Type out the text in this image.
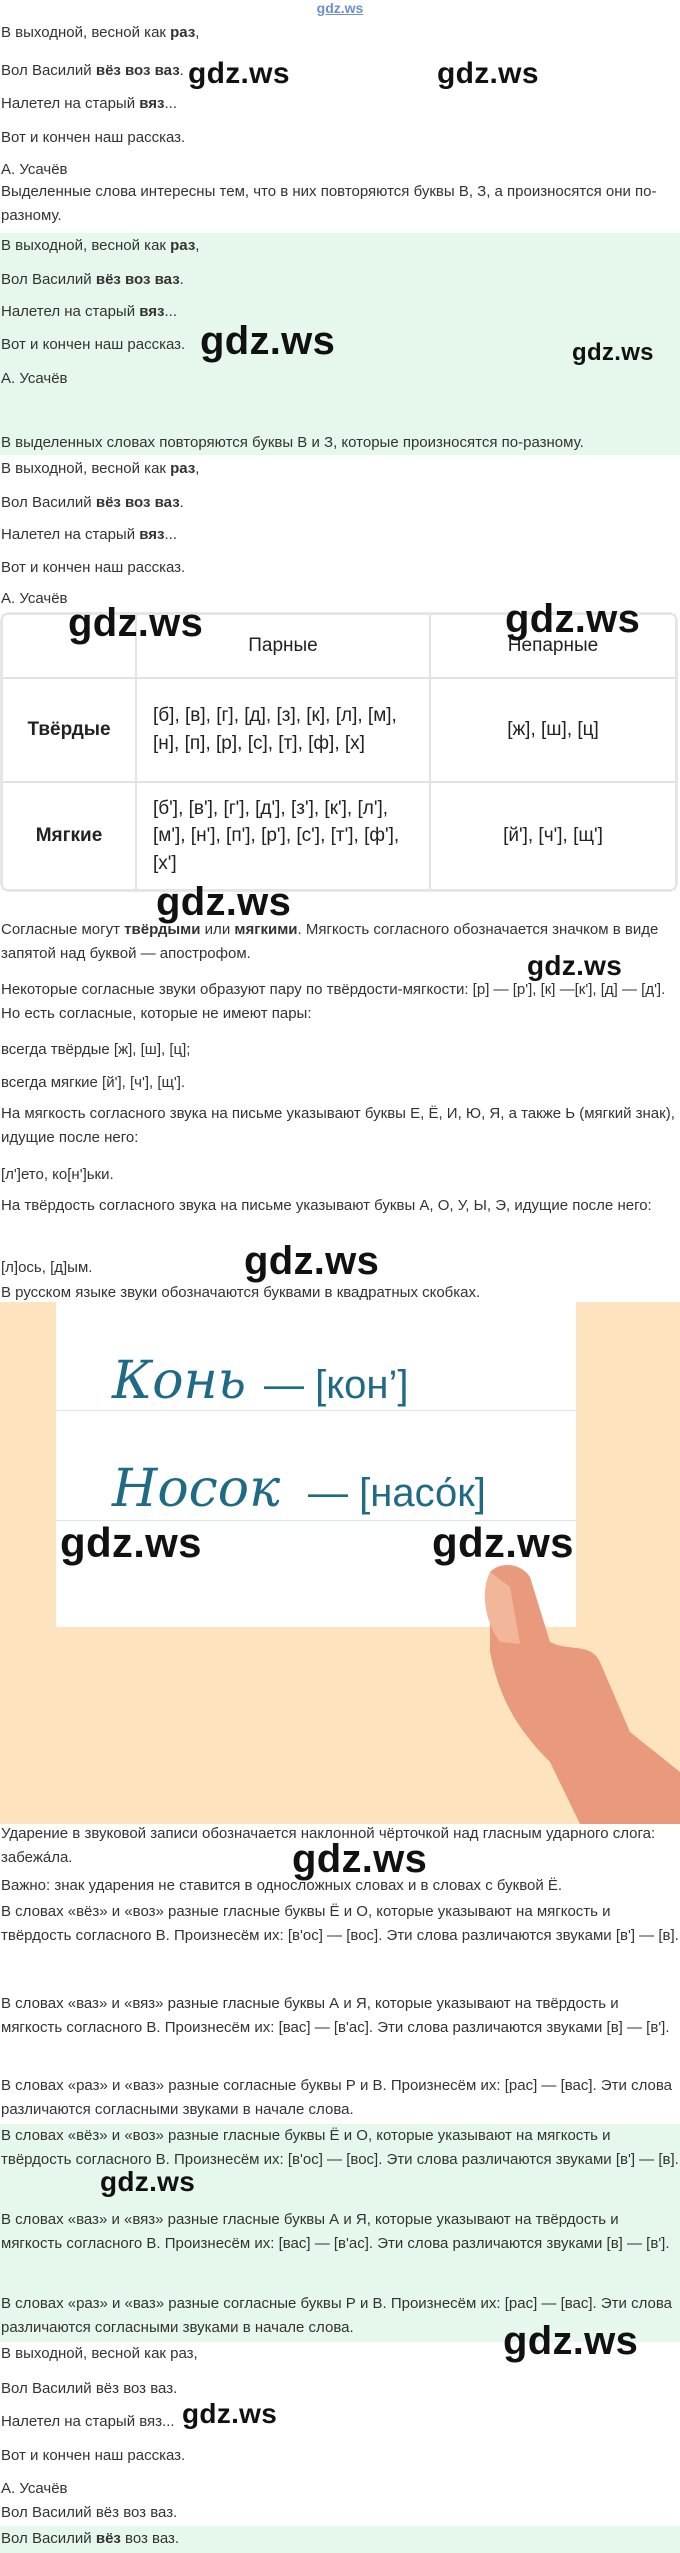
gdz.ws
В выходной, весной как раз,
Вол Василий вёз воз ваз.
Налетел на старый вяз...
Вот и кончен наш рассказ.
А. Усачёв
Выделенные слова интересны тем, что в них повторяются буквы В, З, а произносятся они по-разному.
В выходной, весной как раз,
Вол Василий вёз воз ваз.
Налетел на старый вяз...
Вот и кончен наш рассказ.
А. Усачёв
В выделенных словах повторяются буквы В и З, которые произносятся по-разному.
В выходной, весной как раз,
Вол Василий вёз воз ваз.
Налетел на старый вяз...
Вот и кончен наш рассказ.
А. Усачёв
	Парные	Непарные
Твёрдые	[б], [в], [г], [д], [з], [к], [л], [м], [н], [п], [р], [с], [т], [ф], [х]	[ж], [ш], [ц]
Мягкие	[б'], [в'], [г'], [д'], [з'], [к'], [л'], [м'], [н'], [п'], [р'], [с'], [т'], [ф'], [х']	[й'], [ч'], [щ']
Согласные могут твёрдыми или мягкими. Мягкость согласного обозначается значком в виде запятой над буквой — апострофом.
Некоторые согласные звуки образуют пару по твёрдости-мягкости: [р] — [р'], [к] —[к'], [д] — [д']. Но есть согласные, которые не имеют пары:
всегда твёрдые [ж], [ш], [ц];
всегда мягкие [й'], [ч'], [щ'].
На мягкость согласного звука на письме указывают буквы Е, Ё, И, Ю, Я, а также Ь (мягкий знак), идущие после него:
[л']ето, ко[н']ьки.
На твёрдость согласного звука на письме указывают буквы А, О, У, Ы, Э, идущие после него:
[л]ось, [д]ым.
В русском языке звуки обозначаются буквами в квадратных скобках.
Конь — [кон’]
Носок — [насо́к]
Ударение в звуковой записи обозначается наклонной чёрточкой над гласным ударного слога: забежа́ла.
Важно: знак ударения не ставится в односложных словах и в словах с буквой Ё.
В словах «вёз» и «воз» разные гласные буквы Ё и О, которые указывают на мягкость и твёрдость согласного В. Произнесём их: [в'ос] — [вос]. Эти слова различаются звуками [в'] — [в].
В словах «ваз» и «вяз» разные гласные буквы А и Я, которые указывают на твёрдость и мягкость согласного В. Произнесём их: [вас] — [в'ас]. Эти слова различаются звуками [в] — [в'].
В словах «раз» и «ваз» разные согласные буквы Р и В. Произнесём их: [рас] — [вас]. Эти слова различаются согласными звуками в начале слова.
В словах «вёз» и «воз» разные гласные буквы Ё и О, которые указывают на мягкость и твёрдость согласного В. Произнесём их: [в'ос] — [вос]. Эти слова различаются звуками [в'] — [в].
В словах «ваз» и «вяз» разные гласные буквы А и Я, которые указывают на твёрдость и мягкость согласного В. Произнесём их: [вас] — [в'ас]. Эти слова различаются звуками [в] — [в'].
В словах «раз» и «ваз» разные согласные буквы Р и В. Произнесём их: [рас] — [вас]. Эти слова различаются согласными звуками в начале слова.
В выходной, весной как раз,
Вол Василий вёз воз ваз.
Налетел на старый вяз...
Вот и кончен наш рассказ.
А. Усачёв
Вол Василий вёз воз ваз.
Вол Василий вёз воз ваз.
gdz.ws	gdz.ws
gdz.ws	gdz.ws
gdz.ws	gdz.ws
gdz.ws
gdz.ws
gdz.ws
gdz.ws	gdz.ws
gdz.ws
gdz.ws
gdz.ws
gdz.ws
